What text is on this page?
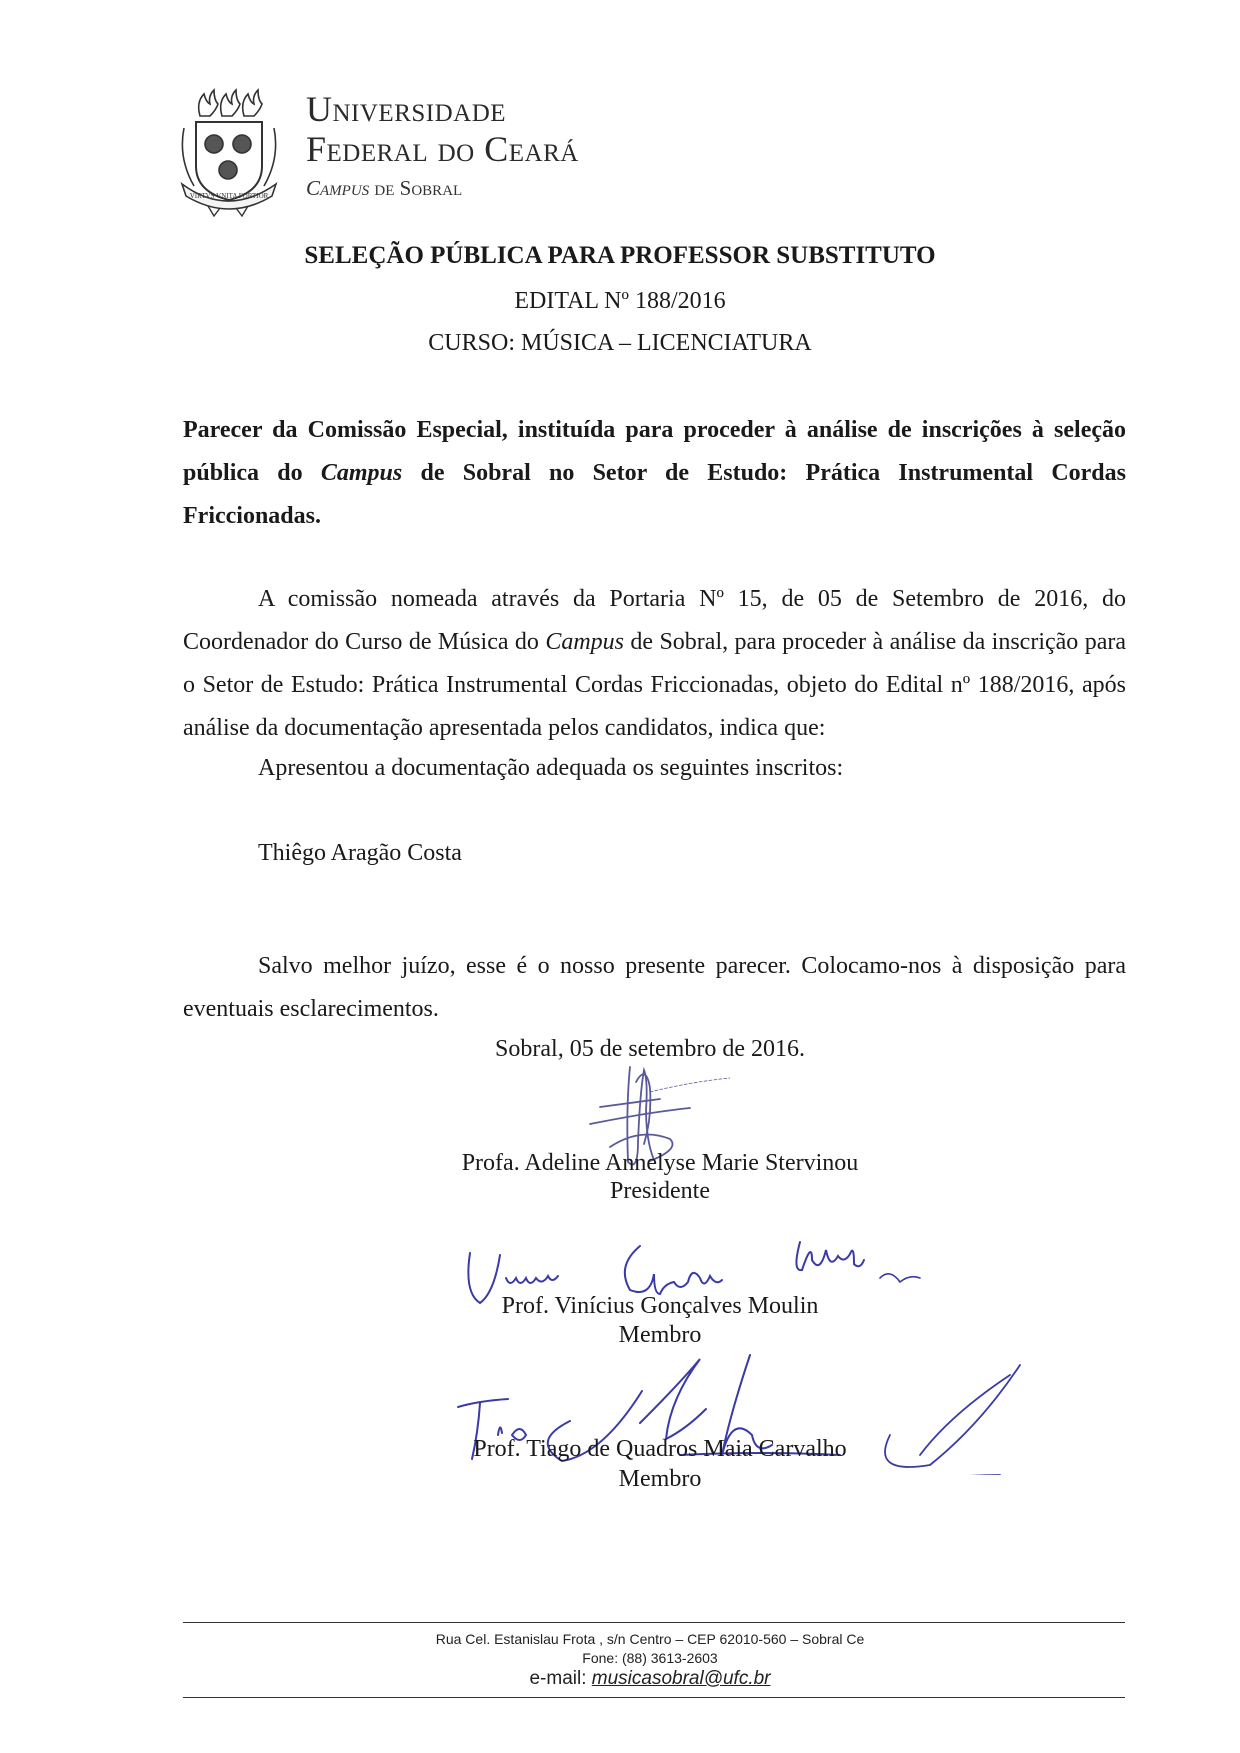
VIRTVS VNITA FORTIOR
Universidade
Federal do Ceará
Campus de Sobral
SELEÇÃO PÚBLICA PARA PROFESSOR SUBSTITUTO
EDITAL Nº 188/2016
CURSO: MÚSICA – LICENCIATURA
Parecer da Comissão Especial, instituída para proceder à análise de inscrições à seleção pública do Campus de Sobral no Setor de Estudo: Prática Instrumental Cordas Friccionadas.
A comissão nomeada através da Portaria Nº 15, de 05 de Setembro de 2016, do Coordenador do Curso de Música do Campus de Sobral, para proceder à análise da inscrição para o Setor de Estudo: Prática Instrumental Cordas Friccionadas, objeto do Edital nº 188/2016, após análise da documentação apresentada pelos candidatos, indica que:
Apresentou a documentação adequada os seguintes inscritos:
Thiêgo Aragão Costa
Salvo melhor juízo, esse é o nosso presente parecer. Colocamo-nos à disposição para eventuais esclarecimentos.
Sobral, 05 de setembro de 2016.
Profa. Adeline Annelyse Marie Stervinou
Presidente
Prof. Vinícius Gonçalves Moulin
Membro
Prof. Tiago de Quadros Maia Carvalho
Membro
Rua Cel. Estanislau Frota , s/n Centro – CEP 62010-560 – Sobral Ce
Fone: (88) 3613-2603
e-mail: musicasobral@ufc.br
